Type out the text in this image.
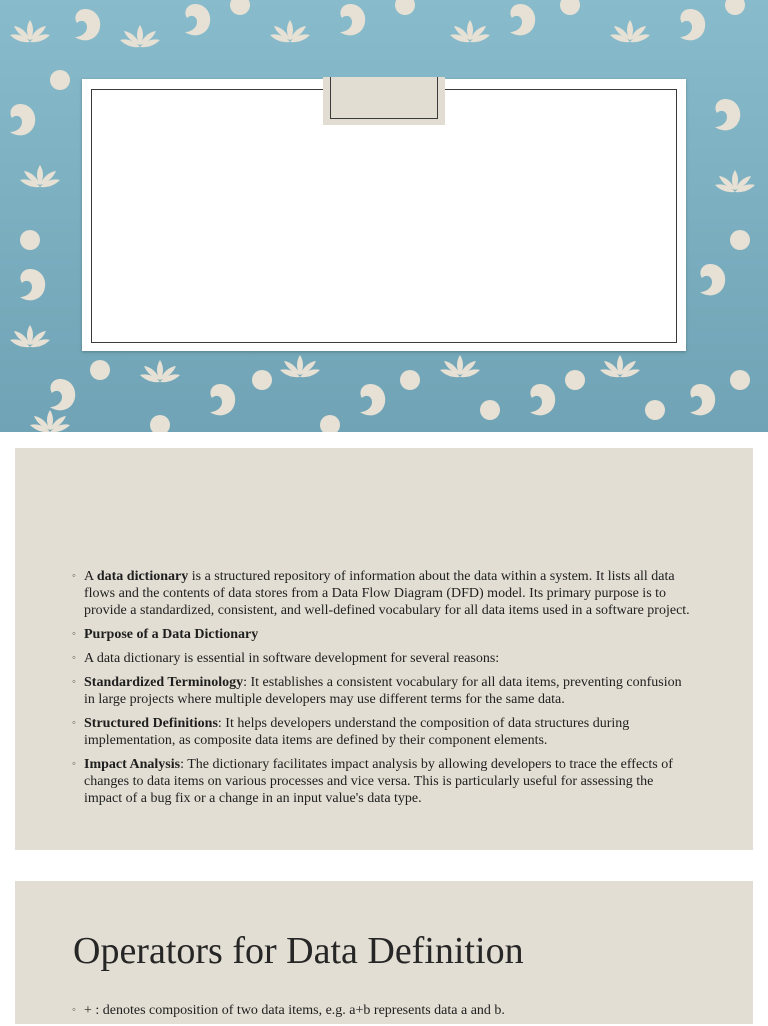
◦ A data dictionary is a structured repository of information about the data within a system. It lists all data flows and the contents of data stores from a Data Flow Diagram (DFD) model. Its primary purpose is to provide a standardized, consistent, and well-defined vocabulary for all data items used in a software project.
◦ Purpose of a Data Dictionary
◦ A data dictionary is essential in software development for several reasons:
◦ Standardized Terminology: It establishes a consistent vocabulary for all data items, preventing confusion in large projects where multiple developers may use different terms for the same data.
◦ Structured Definitions: It helps developers understand the composition of data structures during implementation, as composite data items are defined by their component elements.
◦ Impact Analysis: The dictionary facilitates impact analysis by allowing developers to trace the effects of changes to data items on various processes and vice versa. This is particularly useful for assessing the impact of a bug fix or a change in an input value's data type.
Operators for Data Definition
◦ + : denotes composition of two data items, e.g. a+b represents data a and b.
